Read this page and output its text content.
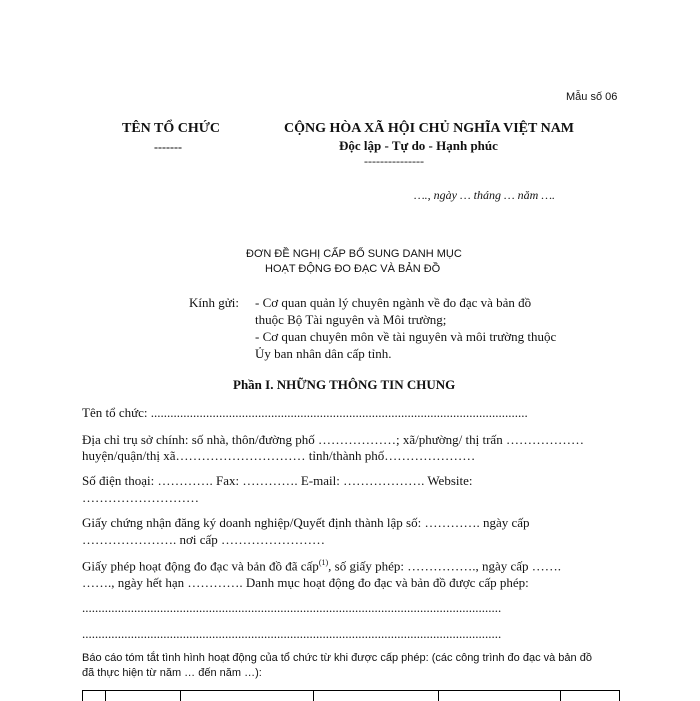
Mẫu số 06
TÊN TỔ CHỨC
-------
CỘNG HÒA XÃ HỘI CHỦ NGHĨA VIỆT NAM
Độc lập - Tự do - Hạnh phúc
---------------
…., ngày … tháng … năm ….
ĐƠN ĐỀ NGHỊ CẤP BỔ SUNG DANH MỤC
HOẠT ĐỘNG ĐO ĐẠC VÀ BẢN ĐỒ
Kính gửi: - Cơ quan quản lý chuyên ngành về đo đạc và bản đồ
thuộc Bộ Tài nguyên và Môi trường;
- Cơ quan chuyên môn về tài nguyên và môi trường thuộc
Ủy ban nhân dân cấp tỉnh.
Phần I. NHỮNG THÔNG TIN CHUNG
Tên tổ chức: ....................................................................................................................
Địa chỉ trụ sở chính: số nhà, thôn/đường phố ………………; xã/phường/ thị trấn ………………
huyện/quận/thị xã………………………… tỉnh/thành phố…………………
Số điện thoại: …………. Fax: …………. E-mail: ………………. Website:
………………………
Giấy chứng nhận đăng ký doanh nghiệp/Quyết định thành lập số: …………. ngày cấp
…………………. nơi cấp ……………………
Giấy phép hoạt động đo đạc và bản đồ đã cấp$^{(1)}$, số giấy phép: ……………., ngày cấp …….
……., ngày hết hạn …………. Danh mục hoạt động đo đạc và bản đồ được cấp phép:
.................................................................................................................................
.................................................................................................................................
Báo cáo tóm tắt tình hình hoạt động của tổ chức từ khi được cấp phép: (các công trình đo đạc và bản đồ
đã thực hiện từ năm … đến năm …):
